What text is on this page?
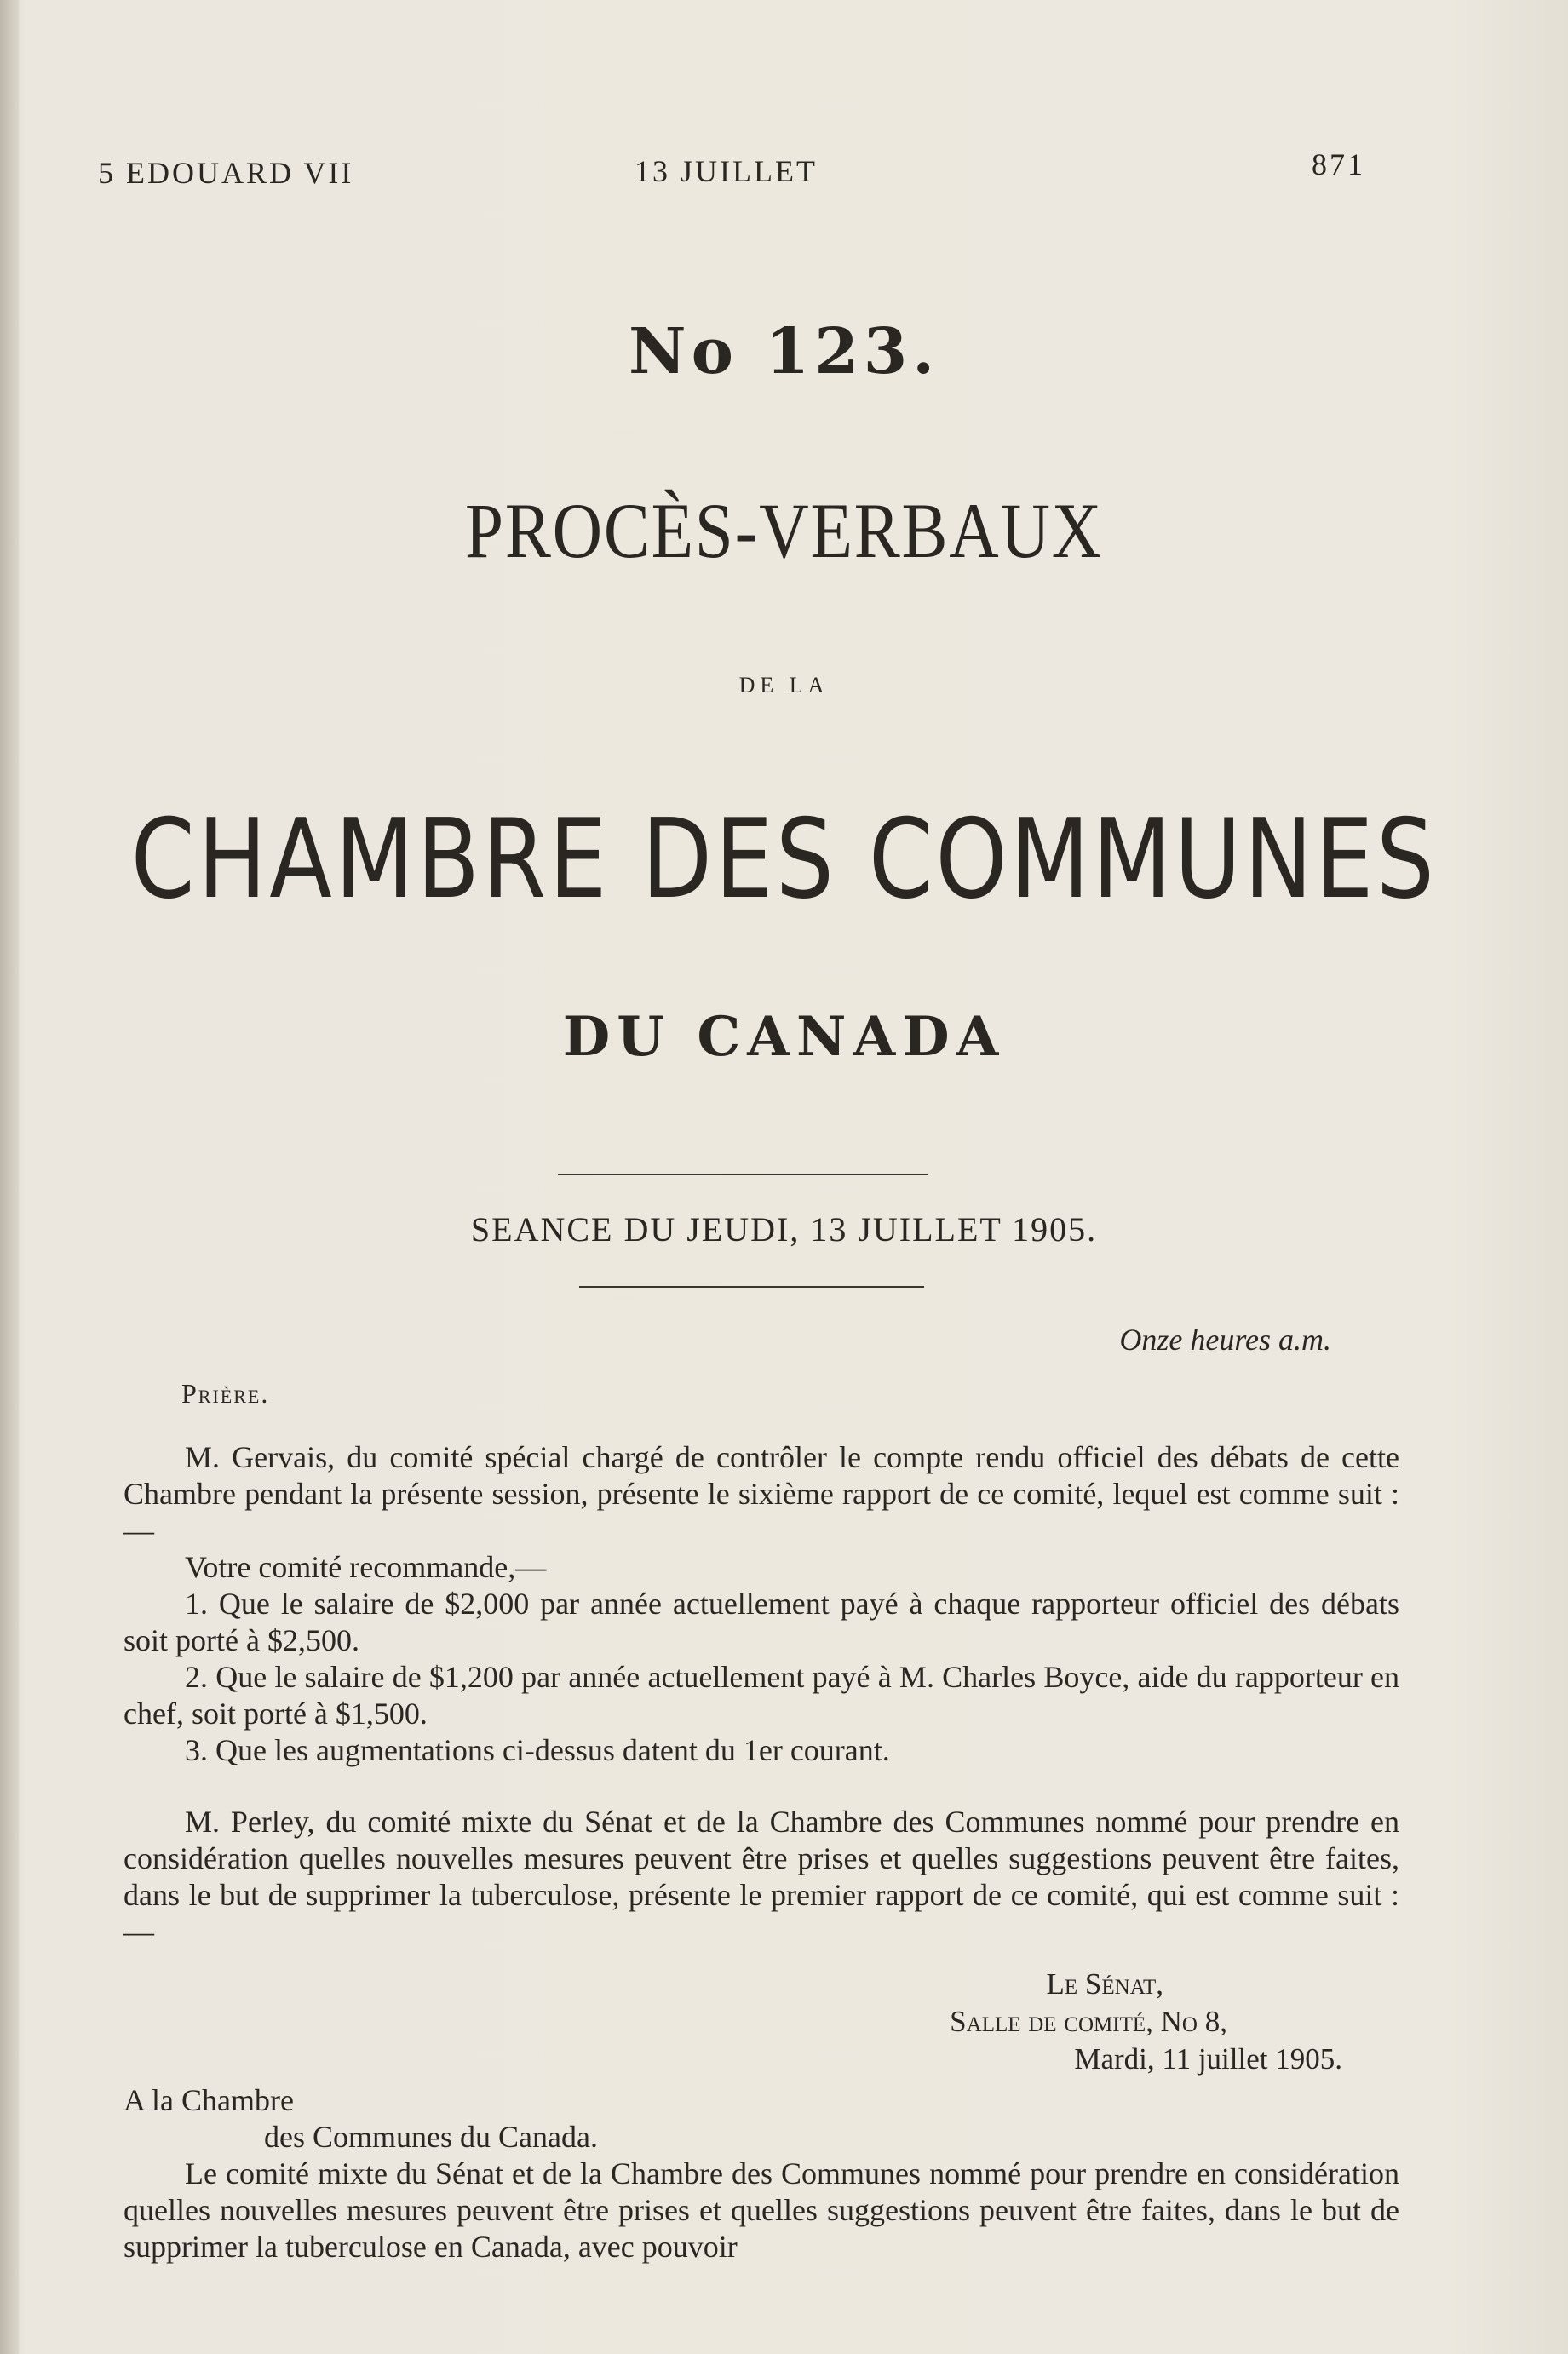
5 EDOUARD VII	13 JUILLET	871
No 123.
PROCÈS-VERBAUX
DE LA
CHAMBRE DES COMMUNES
DU CANADA
SEANCE DU JEUDI, 13 JUILLET 1905.
Onze heures a.m.
Prière.

M. Gervais, du comité spécial chargé de contrôler le compte rendu officiel des débats de cette Chambre pendant la présente session, présente le sixième rapport de ce comité, lequel est comme suit :—

Votre comité recommande,—

1. Que le salaire de $2,000 par année actuellement payé à chaque rapporteur officiel des débats soit porté à $2,500.

2. Que le salaire de $1,200 par année actuellement payé à M. Charles Boyce, aide du rapporteur en chef, soit porté à $1,500.

3. Que les augmentations ci-dessus datent du 1er courant.

M. Perley, du comité mixte du Sénat et de la Chambre des Communes nommé pour prendre en considération quelles nouvelles mesures peuvent être prises et quelles suggestions peuvent être faites, dans le but de supprimer la tuberculose, présente le premier rapport de ce comité, qui est comme suit :—

Le Sénat,
Salle de comité, No 8,
Mardi, 11 juillet 1905.

A la Chambre

des Communes du Canada.

Le comité mixte du Sénat et de la Chambre des Communes nommé pour prendre en considération quelles nouvelles mesures peuvent être prises et quelles suggestions peuvent être faites, dans le but de supprimer la tuberculose en Canada, avec pouvoir
